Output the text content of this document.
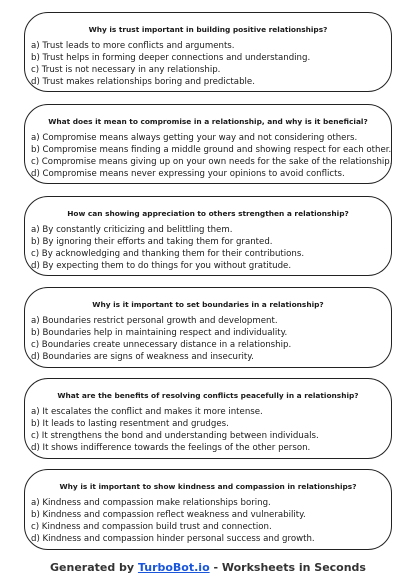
Why is trust important in building positive relationships?
a) Trust leads to more conflicts and arguments.
b) Trust helps in forming deeper connections and understanding.
c) Trust is not necessary in any relationship.
d) Trust makes relationships boring and predictable.
What does it mean to compromise in a relationship, and why is it beneficial?
a) Compromise means always getting your way and not considering others.
b) Compromise means finding a middle ground and showing respect for each other.
c) Compromise means giving up on your own needs for the sake of the relationship.
d) Compromise means never expressing your opinions to avoid conflicts.
How can showing appreciation to others strengthen a relationship?
a) By constantly criticizing and belittling them.
b) By ignoring their efforts and taking them for granted.
c) By acknowledging and thanking them for their contributions.
d) By expecting them to do things for you without gratitude.
Why is it important to set boundaries in a relationship?
a) Boundaries restrict personal growth and development.
b) Boundaries help in maintaining respect and individuality.
c) Boundaries create unnecessary distance in a relationship.
d) Boundaries are signs of weakness and insecurity.
What are the benefits of resolving conflicts peacefully in a relationship?
a) It escalates the conflict and makes it more intense.
b) It leads to lasting resentment and grudges.
c) It strengthens the bond and understanding between individuals.
d) It shows indifference towards the feelings of the other person.
Why is it important to show kindness and compassion in relationships?
a) Kindness and compassion make relationships boring.
b) Kindness and compassion reflect weakness and vulnerability.
c) Kindness and compassion build trust and connection.
d) Kindness and compassion hinder personal success and growth.
Generated by TurboBot.io - Worksheets in Seconds
